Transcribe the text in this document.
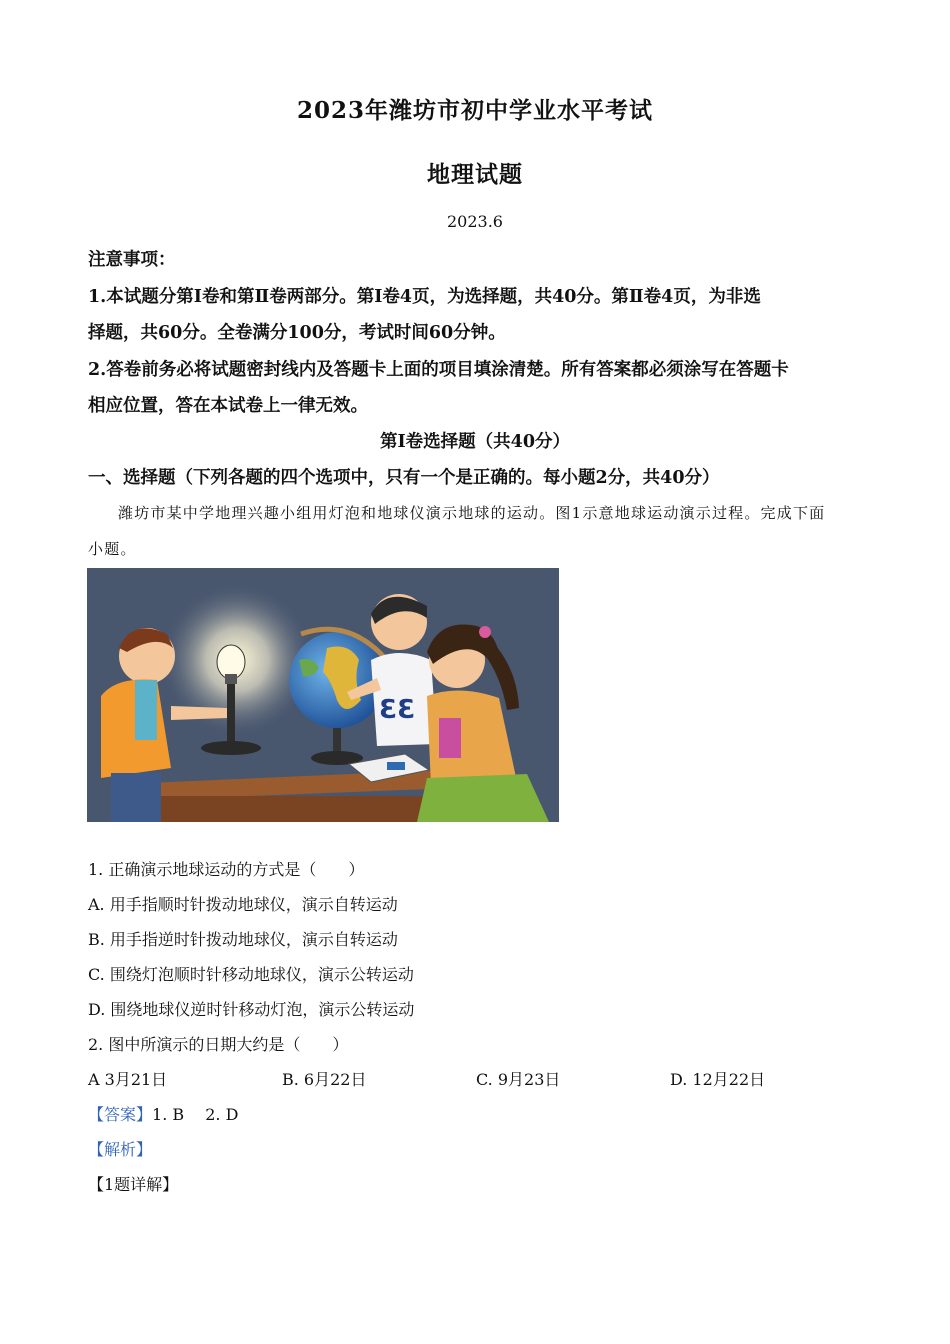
2023年潍坊市初中学业水平考试
地理试题
2023.6
注意事项：
1.本试题分第Ⅰ卷和第Ⅱ卷两部分。第Ⅰ卷4页，为选择题，共40分。第Ⅱ卷4页，为非选
择题，共60分。全卷满分100分，考试时间60分钟。
2.答卷前务必将试题密封线内及答题卡上面的项目填涂清楚。所有答案都必须涂写在答题卡
相应位置，答在本试卷上一律无效。
第Ⅰ卷选择题（共40分）
一、选择题（下列各题的四个选项中，只有一个是正确的。每小题2分，共40分）
潍坊市某中学地理兴趣小组用灯泡和地球仪演示地球的运动。图1示意地球运动演示过程。完成下面
小题。
33
1. 正确演示地球运动的方式是（　　）
A. 用手指顺时针拨动地球仪，演示自转运动
B. 用手指逆时针拨动地球仪，演示自转运动
C. 围绕灯泡顺时针移动地球仪，演示公转运动
D. 围绕地球仪逆时针移动灯泡，演示公转运动
2. 图中所演示的日期大约是（　　）
A 3月21日	B. 6月22日	C. 9月23日	D. 12月22日
【答案】1. B　 2. D
【解析】
【1题详解】
